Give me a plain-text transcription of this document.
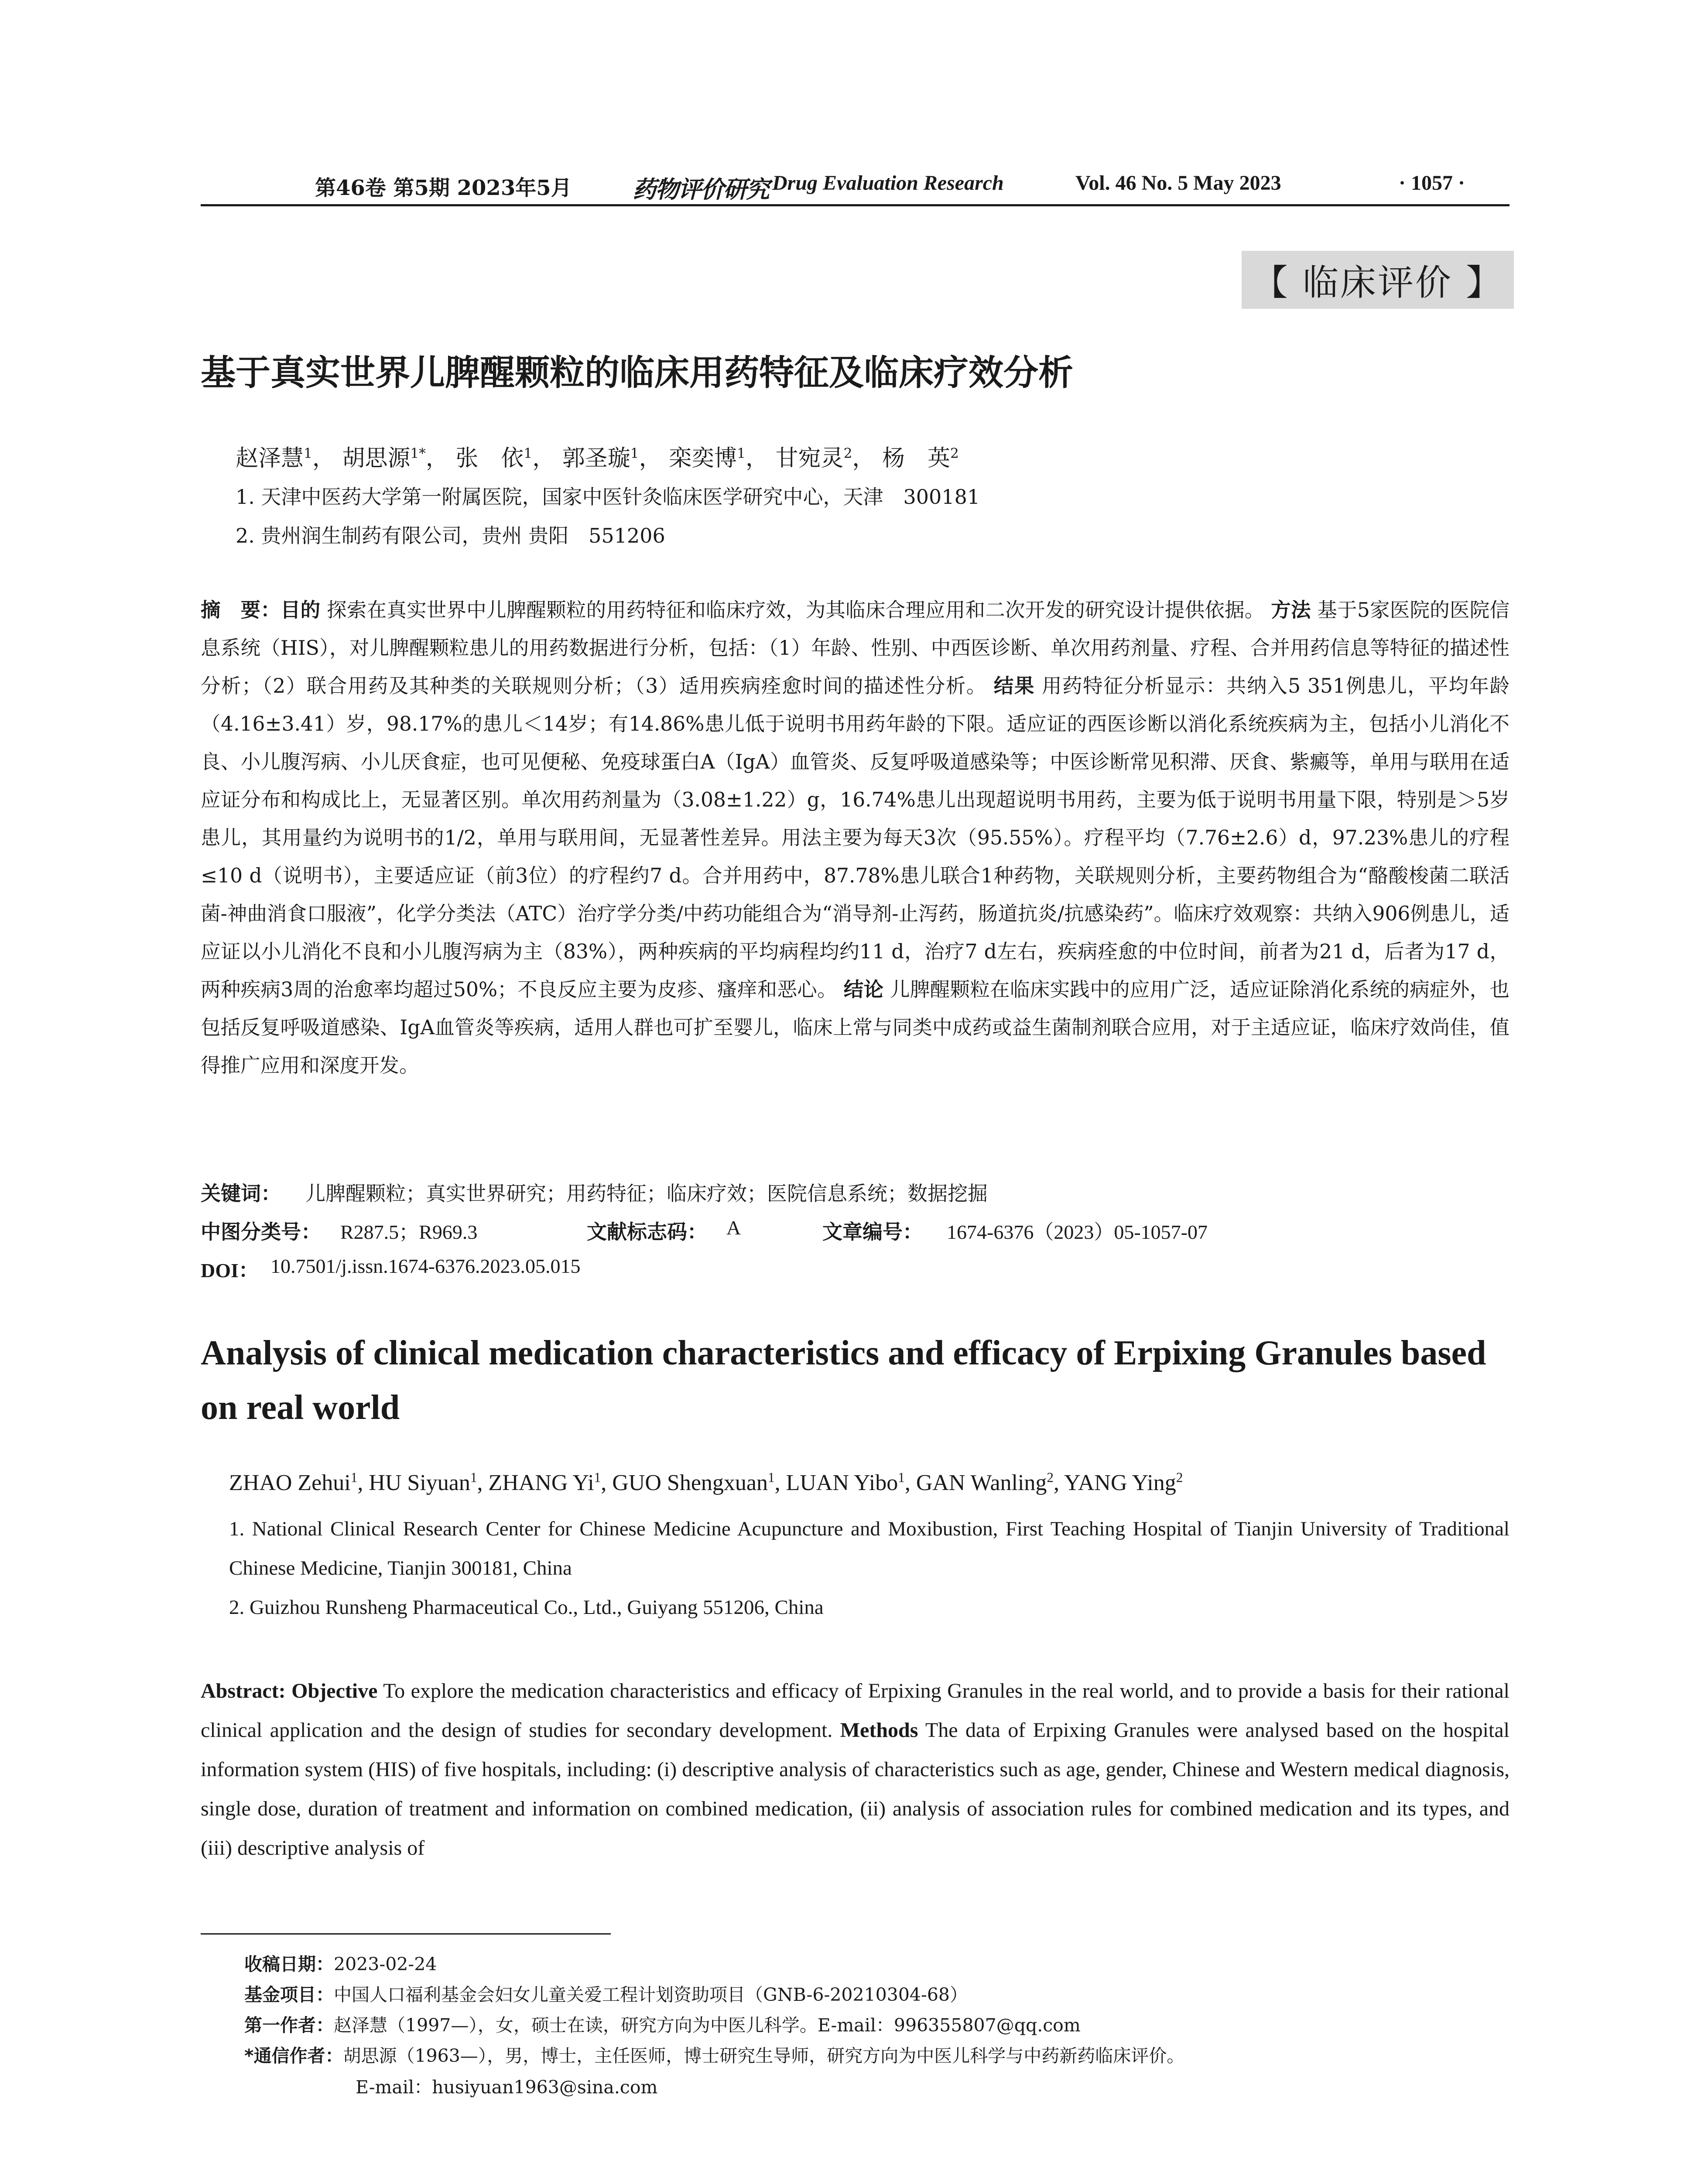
第46卷 第5期 2023年5月	药物评价研究 Drug Evaluation Research	Vol. 46 No. 5 May 2023	· 1057 ·
【 临床评价 】
基于真实世界儿脾醒颗粒的临床用药特征及临床疗效分析
赵泽慧$^1$， 胡思源$^{1*}$， 张　依$^1$， 郭圣璇$^1$， 栾奕博$^1$， 甘宛灵$^2$， 杨　英$^2$
1. 天津中医药大学第一附属医院，国家中医针灸临床医学研究中心，天津　300181
2. 贵州润生制药有限公司，贵州 贵阳　551206
摘　要：目的 探索在真实世界中儿脾醒颗粒的用药特征和临床疗效，为其临床合理应用和二次开发的研究设计提供依据。 方法 基于5家医院的医院信息系统（HIS），对儿脾醒颗粒患儿的用药数据进行分析，包括：（1）年龄、性别、中西医诊断、单次用药剂量、疗程、合并用药信息等特征的描述性分析；（2）联合用药及其种类的关联规则分析；（3）适用疾病痊愈时间的描述性分析。 结果 用药特征分析显示：共纳入5 351例患儿，平均年龄（4.16±3.41）岁，98.17%的患儿＜14岁；有14.86%患儿低于说明书用药年龄的下限。适应证的西医诊断以消化系统疾病为主，包括小儿消化不良、小儿腹泻病、小儿厌食症，也可见便秘、免疫球蛋白A（IgA）血管炎、反复呼吸道感染等；中医诊断常见积滞、厌食、紫癜等，单用与联用在适应证分布和构成比上，无显著区别。单次用药剂量为（3.08±1.22）g，16.74%患儿出现超说明书用药，主要为低于说明书用量下限，特别是＞5岁患儿，其用量约为说明书的1/2，单用与联用间，无显著性差异。用法主要为每天3次（95.55%）。疗程平均（7.76±2.6）d，97.23%患儿的疗程≤10 d（说明书），主要适应证（前3位）的疗程约7 d。合并用药中，87.78%患儿联合1种药物，关联规则分析，主要药物组合为“酪酸梭菌二联活菌-神曲消食口服液”，化学分类法（ATC）治疗学分类/中药功能组合为“消导剂-止泻药，肠道抗炎/抗感染药”。临床疗效观察：共纳入906例患儿，适应证以小儿消化不良和小儿腹泻病为主（83%），两种疾病的平均病程均约11 d，治疗7 d左右，疾病痊愈的中位时间，前者为21 d，后者为17 d，两种疾病3周的治愈率均超过50%；不良反应主要为皮疹、瘙痒和恶心。 结论 儿脾醒颗粒在临床实践中的应用广泛，适应证除消化系统的病症外，也包括反复呼吸道感染、IgA血管炎等疾病，适用人群也可扩至婴儿，临床上常与同类中成药或益生菌制剂联合应用，对于主适应证，临床疗效尚佳，值得推广应用和深度开发。
关键词： 儿脾醒颗粒；真实世界研究；用药特征；临床疗效；医院信息系统；数据挖掘
中图分类号： R287.5；R969.3	文献标志码： A	文章编号： 1674-6376（2023）05-1057-07
DOI： 10.7501/j.issn.1674-6376.2023.05.015
Analysis of clinical medication characteristics and efficacy of Erpixing Granules based on real world
ZHAO Zehui$^1$, HU Siyuan$^1$, ZHANG Yi$^1$, GUO Shengxuan$^1$, LUAN Yibo$^1$, GAN Wanling$^2$, YANG Ying$^2$
1. National Clinical Research Center for Chinese Medicine Acupuncture and Moxibustion, First Teaching Hospital of Tianjin University of Traditional Chinese Medicine, Tianjin 300181, China
2. Guizhou Runsheng Pharmaceutical Co., Ltd., Guiyang 551206, China
Abstract: Objective To explore the medication characteristics and efficacy of Erpixing Granules in the real world, and to provide a basis for their rational clinical application and the design of studies for secondary development. Methods The data of Erpixing Granules were analysed based on the hospital information system (HIS) of five hospitals, including: (i) descriptive analysis of characteristics such as age, gender, Chinese and Western medical diagnosis, single dose, duration of treatment and information on combined medication, (ii) analysis of association rules for combined medication and its types, and (iii) descriptive analysis of
收稿日期：2023-02-24
基金项目：中国人口福利基金会妇女儿童关爱工程计划资助项目（GNB-6-20210304-68）
第一作者：赵泽慧（1997—），女，硕士在读，研究方向为中医儿科学。E-mail：996355807@qq.com
*通信作者：胡思源（1963—），男，博士，主任医师，博士研究生导师，研究方向为中医儿科学与中药新药临床评价。
E-mail：husiyuan1963@sina.com
